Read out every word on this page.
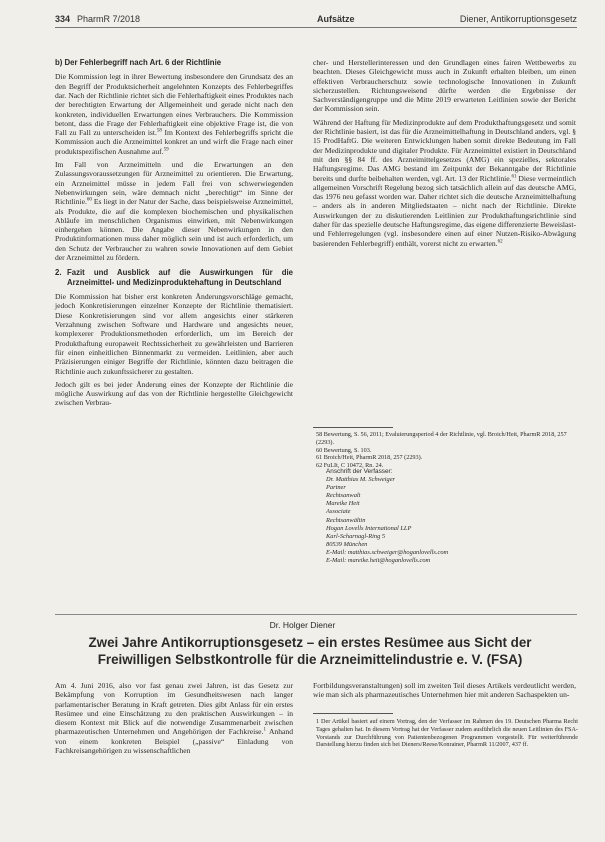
334 PharmR 7/2018	Aufsätze	Diener, Antikorruptionsgesetz
b) Der Fehlerbegriff nach Art. 6 der Richtlinie

Die Kommission legt in ihrer Bewertung insbesondere den Grundsatz des an den Begriff der Produktsicherheit angelehnten Konzepts des Fehlerbegriffes dar. Nach der Richtlinie richtet sich die Fehlerhaftigkeit eines Produktes nach der berechtigten Erwartung der Allgemeinheit und gerade nicht nach den konkreten, individuellen Erwartungen eines Verbrauchers. Die Kommission betont, dass die Frage der Fehlerhaftigkeit eine objektive Frage ist, die von Fall zu Fall zu unterscheiden ist.$^{58}$ Im Kontext des Fehlerbegriffs spricht die Kommission auch die Arzneimittel konkret an und wirft die Frage nach einer produktspezifischen Ausnahme auf.$^{59}$

Im Fall von Arzneimitteln und die Erwartungen an den Zulassungsvoraussetzungen für Arzneimittel zu orientieren. Die Erwartung, ein Arzneimittel müsse in jedem Fall frei von schwerwiegenden Nebenwirkungen sein, wäre demnach nicht „berechtigt“ im Sinne der Richtlinie.$^{60}$ Es liegt in der Natur der Sache, dass beispielsweise Arzneimittel, als Produkte, die auf die komplexen biochemischen und physikalischen Abläufe im menschlichen Organismus einwirken, mit Nebenwirkungen einhergehen können. Die Angabe dieser Nebenwirkungen in den Produktinformationen muss daher möglich sein und ist auch erforderlich, um den Schutz der Verbraucher zu wahren sowie Innovationen auf dem Gebiet der Arzneimittel zu fördern.

2. Fazit und Ausblick auf die Auswirkungen für die Arzneimittel- und Medizinproduktehaftung in Deutschland

Die Kommission hat bisher erst konkreten Änderungsvorschläge gemacht, jedoch Konkretisierungen einzelner Konzepte der Richtlinie thematisiert. Diese Konkretisierungen sind vor allem angesichts einer stärkeren Verzahnung zwischen Software und Hardware und angesichts neuer, komplexerer Produktionsmethoden erforderlich, um im Bereich der Produkthaftung europaweit Rechtssicherheit zu gewährleisten und Barrieren für einen einheitlichen Binnenmarkt zu vermeiden. Leitlinien, aber auch Präzisierungen einiger Begriffe der Richtlinie, könnten dazu beitragen die Richtlinie auch zukunftssicherer zu gestalten.

Jedoch gilt es bei jeder Änderung eines der Konzepte der Richtlinie die mögliche Auswirkung auf das von der Richtlinie hergestellte Gleichgewicht zwischen Verbrau-

cher- und Herstellerinteressen und den Grundlagen eines fairen Wettbewerbs zu beachten. Dieses Gleichgewicht muss auch in Zukunft erhalten bleiben, um einen effektiven Verbraucherschutz sowie technologische Innovationen in Zukunft sicherzustellen. Richtungsweisend dürfte werden die Ergebnisse der Sachverständigengruppe und die Mitte 2019 erwarteten Leitlinien sowie der Bericht der Kommission sein.

Während der Haftung für Medizinprodukte auf dem Produkthaftungsgesetz und somit der Richtlinie basiert, ist das für die Arzneimittelhaftung in Deutschland anders, vgl. § 15 ProdHaftG. Die weiteren Entwicklungen haben somit direkte Bedeutung im Fall der Medizinprodukte und digitaler Produkte. Für Arzneimittel existiert in Deutschland mit den §§ 84 ff. des Arzneimittelgesetzes (AMG) ein spezielles, sektorales Haftungsregime. Das AMG bestand im Zeitpunkt der Bekanntgabe der Richtlinie bereits und durfte beibehalten werden, vgl. Art. 13 der Richtlinie.$^{61}$ Diese vermeintlich allgemeinen Vorschrift Regelung bezog sich tatsächlich allein auf das deutsche AMG, das 1976 neu gefasst worden war. Daher richtet sich die deutsche Arzneimittelhaftung – anders als in anderen Mitgliedstaaten – nicht nach der Richtlinie. Direkte Auswirkungen der zu diskutierenden Leitlinien zur Produkthaftungsrichtlinie sind daher für das spezielle deutsche Haftungsregime, das eigene differenzierte Beweislast- und Fehlerregelungen (vgl. insbesondere einen auf einer Nutzen-Risiko-Abwägung basierenden Fehlerbegriff) enthält, vorerst nicht zu erwarten.$^{62}$

58 Bewertung, S. 56, 2011; Evaluierungsperiod 4 der Richtlinie, vgl. Broich/Heit, PharmR 2018, 257 (2293).
60 Bewertung, S. 103.
61 Broich/Heit, PharmR 2018, 257 (2293).
62 FuLIt, C 10472, Rn. 24.
Anschrift der Verfasser:
Dr. Matthias M. Schweiger
Partner
Rechtsanwalt
Mareike Heit
Associate
Rechtsanwältin
Hogan Lovells International LLP
Karl-Scharnagl-Ring 5
80539 München
E-Mail: matthias.schweiger@hoganlovells.com
E-Mail: mareike.heit@hoganlovells.com
Dr. Holger Diener
Zwei Jahre Antikorruptionsgesetz – ein erstes Resümee aus Sicht der
Freiwilligen Selbstkontrolle für die Arzneimittelindustrie e. V. (FSA)

Am 4. Juni 2016, also vor fast genau zwei Jahren, ist das Gesetz zur Bekämpfung von Korruption im Gesundheitswesen nach langer parlamentarischer Beratung in Kraft getreten. Dies gibt Anlass für ein erstes Resümee und eine Einschätzung zu den praktischen Auswirkungen – in diesem Kontext mit Blick auf die notwendige Zusammenarbeit zwischen pharmazeutischen Unternehmen und Angehörigen der Fachkreise.$^1$ Anhand von einem konkreten Beispiel („passive“ Einladung von Fachkreisangehörigen zu wissenschaftlichen

Fortbildungsveranstaltungen) soll im zweiten Teil dieses Artikels verdeutlicht werden, wie man sich als pharmazeutisches Unternehmen hier mit anderen Sachaspekten un-

1 Der Artikel basiert auf einem Vortrag, den der Verfasser im Rahmen des 19. Deutschen Pharma Recht Tages gehalten hat. In diesem Vortrag hat der Verfasser zudem ausführlich die neuen Leitlinien des FSA-Vorstands zur Durchführung von Patientenbezogenen Programmen vorgestellt. Für weiterführende Darstellung hierzu finden sich bei Dieners/Reese/Konrainer, PharmR 11/2007, 437 ff.
